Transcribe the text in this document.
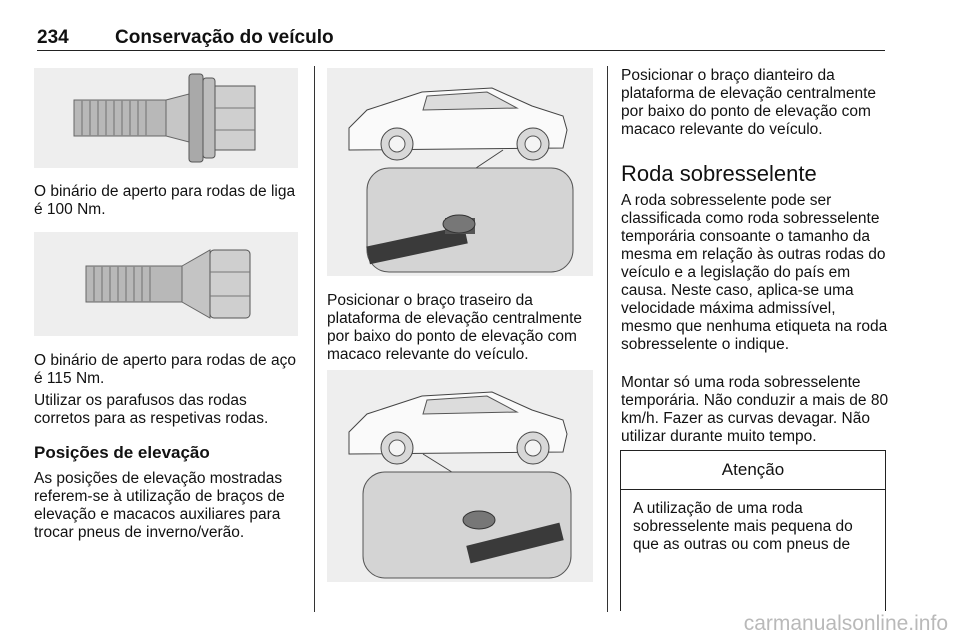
234 Conservação do veículo
O binário de aperto para rodas de liga é 100 Nm.
O binário de aperto para rodas de aço é 115 Nm.
Utilizar os parafusos das rodas corretos para as respetivas rodas.
Posições de elevação
As posições de elevação mostradas referem-se à utilização de braços de elevação e macacos auxiliares para trocar pneus de inverno/verão.
Posicionar o braço traseiro da plataforma de elevação centralmente por baixo do ponto de elevação com macaco relevante do veículo.
Posicionar o braço dianteiro da plataforma de elevação centralmente por baixo do ponto de elevação com macaco relevante do veículo.
Roda sobresselente
A roda sobresselente pode ser classificada como roda sobresselente temporária consoante o tamanho da mesma em relação às outras rodas do veículo e a legislação do país em causa. Neste caso, aplica-se uma velocidade máxima admissível, mesmo que nenhuma etiqueta na roda sobresselente o indique.
Montar só uma roda sobresselente temporária. Não conduzir a mais de 80 km/h. Fazer as curvas devagar. Não utilizar durante muito tempo.
Atenção
A utilização de uma roda sobresselente mais pequena do que as outras ou com pneus de
carmanualsonline.info
